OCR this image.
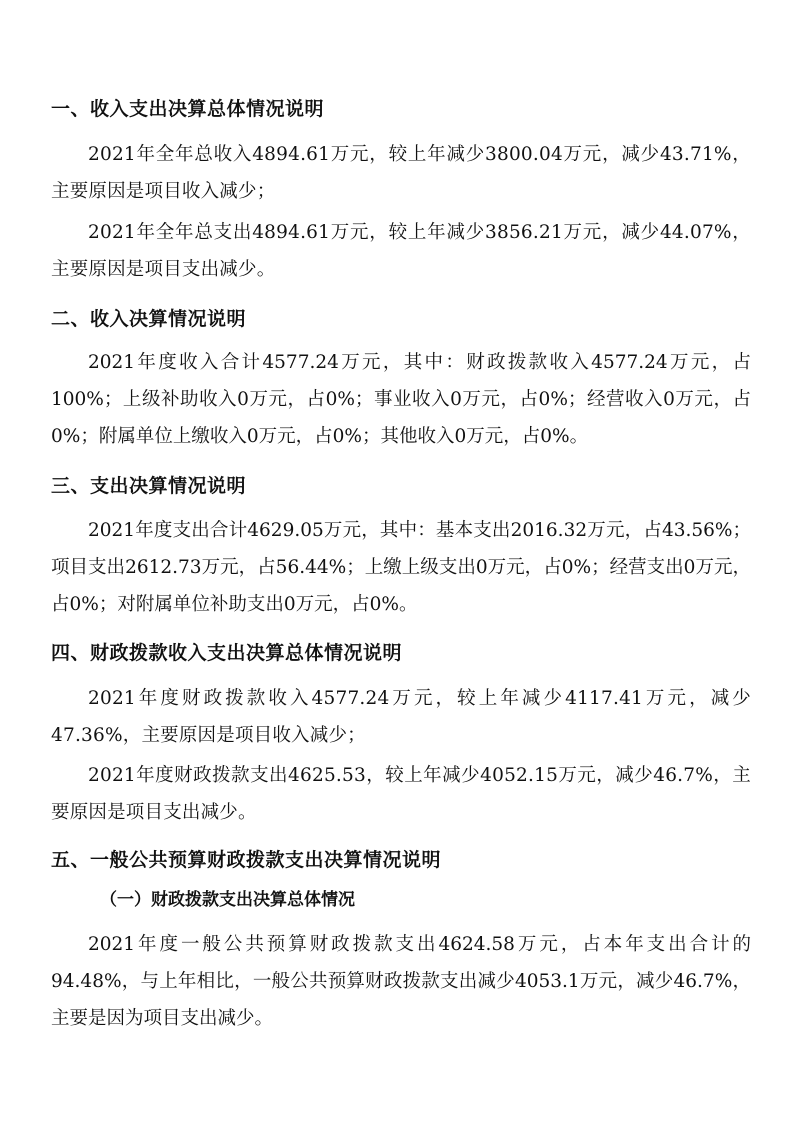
一、收入支出决算总体情况说明
2021年全年总收入4894.61万元，较上年减少3800.04万元，减少43.71%，主要原因是项目收入减少；
2021年全年总支出4894.61万元，较上年减少3856.21万元，减少44.07%，主要原因是项目支出减少。
二、收入决算情况说明
2021年度收入合计4577.24万元，其中：财政拨款收入4577.24万元，占100%；上级补助收入0万元，占0%；事业收入0万元，占0%；经营收入0万元，占0%；附属单位上缴收入0万元，占0%；其他收入0万元，占0%。
三、支出决算情况说明
2021年度支出合计4629.05万元，其中：基本支出2016.32万元，占43.56%；项目支出2612.73万元，占56.44%；上缴上级支出0万元，占0%；经营支出0万元，占0%；对附属单位补助支出0万元，占0%。
四、财政拨款收入支出决算总体情况说明
2021年度财政拨款收入4577.24万元，较上年减少4117.41万元，减少47.36%，主要原因是项目收入减少；
2021年度财政拨款支出4625.53，较上年减少4052.15万元，减少46.7%，主要原因是项目支出减少。
五、一般公共预算财政拨款支出决算情况说明
（一）财政拨款支出决算总体情况
2021年度一般公共预算财政拨款支出4624.58万元，占本年支出合计的94.48%，与上年相比，一般公共预算财政拨款支出减少4053.1万元，减少46.7%，主要是因为项目支出减少。
